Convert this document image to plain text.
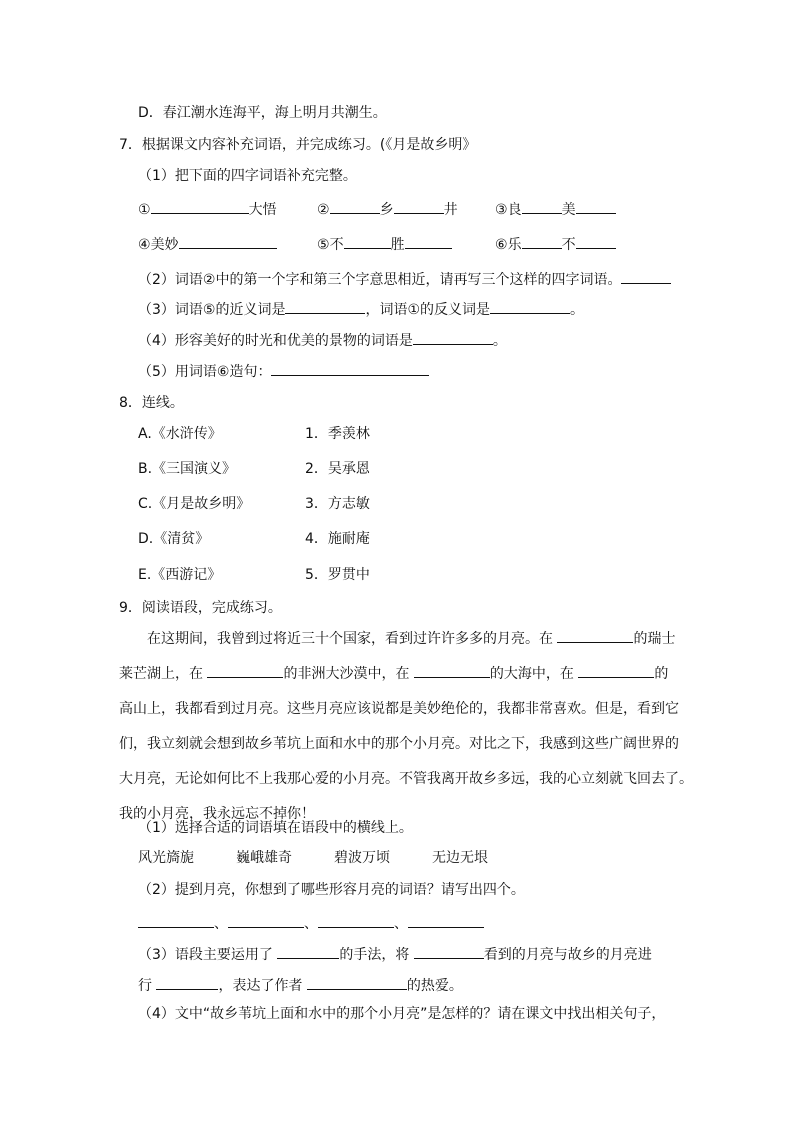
D．春江潮水连海平，海上明月共潮生。
7．根据课文内容补充词语，并完成练习。(《月是故乡明》
（1）把下面的四字词语补充完整。
①	大悟	②	乡	井	③良	美
④美妙	⑤不	胜	⑥乐	不
（2）词语②中的第一个字和第三个字意思相近，请再写三个这样的四字词语。
（3）词语⑤的近义词是	，词语①的反义词是	。
（4）形容美好的时光和优美的景物的词语是	。
（5）用词语⑥造句：
8．连线。
A.《水浒传》	1．季羡林
B.《三国演义》	2．吴承恩
C.《月是故乡明》	3．方志敏
D.《清贫》	4．施耐庵
E.《西游记》	5．罗贯中
9．阅读语段，完成练习。
在这期间，我曾到过将近三十个国家，看到过许许多多的月亮。在	的瑞士
莱芒湖上，在	的非洲大沙漠中，在	的大海中，在	的
高山上，我都看到过月亮。这些月亮应该说都是美妙绝伦的，我都非常喜欢。但是，看到它
们，我立刻就会想到故乡苇坑上面和水中的那个小月亮。对比之下，我感到这些广阔世界的
大月亮，无论如何比不上我那心爱的小月亮。不管我离开故乡多远，我的心立刻就飞回去了。
我的小月亮，我永远忘不掉你！
（1）选择合适的词语填在语段中的横线上。
风光旖旎	巍峨雄奇	碧波万顷	无边无垠
（2）提到月亮，你想到了哪些形容月亮的词语？请写出四个。
、	、	、
（3）语段主要运用了	的手法，将	看到的月亮与故乡的月亮进
行	，表达了作者	的热爱。
（4）文中“故乡苇坑上面和水中的那个小月亮”是怎样的？请在课文中找出相关句子，
